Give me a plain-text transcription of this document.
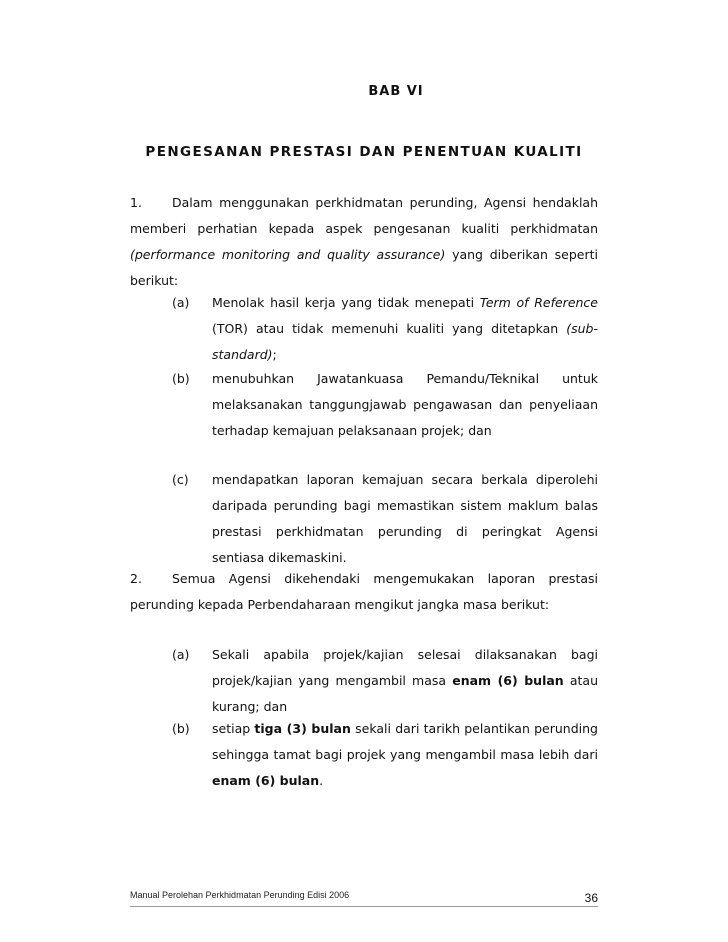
BAB VI
PENGESANAN PRESTASI DAN PENENTUAN KUALITI
1. Dalam menggunakan perkhidmatan perunding, Agensi hendaklah memberi perhatian kepada aspek pengesanan kualiti perkhidmatan (performance monitoring and quality assurance) yang diberikan seperti berikut:
(a) Menolak hasil kerja yang tidak menepati Term of Reference (TOR) atau tidak memenuhi kualiti yang ditetapkan (sub-standard);
(b) menubuhkan Jawatankuasa Pemandu/Teknikal untuk melaksanakan tanggungjawab pengawasan dan penyeliaan terhadap kemajuan pelaksanaan projek; dan
(c) mendapatkan laporan kemajuan secara berkala diperolehi daripada perunding bagi memastikan sistem maklum balas prestasi perkhidmatan perunding di peringkat Agensi sentiasa dikemaskini.
2. Semua Agensi dikehendaki mengemukakan laporan prestasi perunding kepada Perbendaharaan mengikut jangka masa berikut:
(a) Sekali apabila projek/kajian selesai dilaksanakan bagi projek/kajian yang mengambil masa enam (6) bulan atau kurang; dan
(b) setiap tiga (3) bulan sekali dari tarikh pelantikan perunding sehingga tamat bagi projek yang mengambil masa lebih dari enam (6) bulan.
Manual Perolehan Perkhidmatan Perunding Edisi 2006	36
